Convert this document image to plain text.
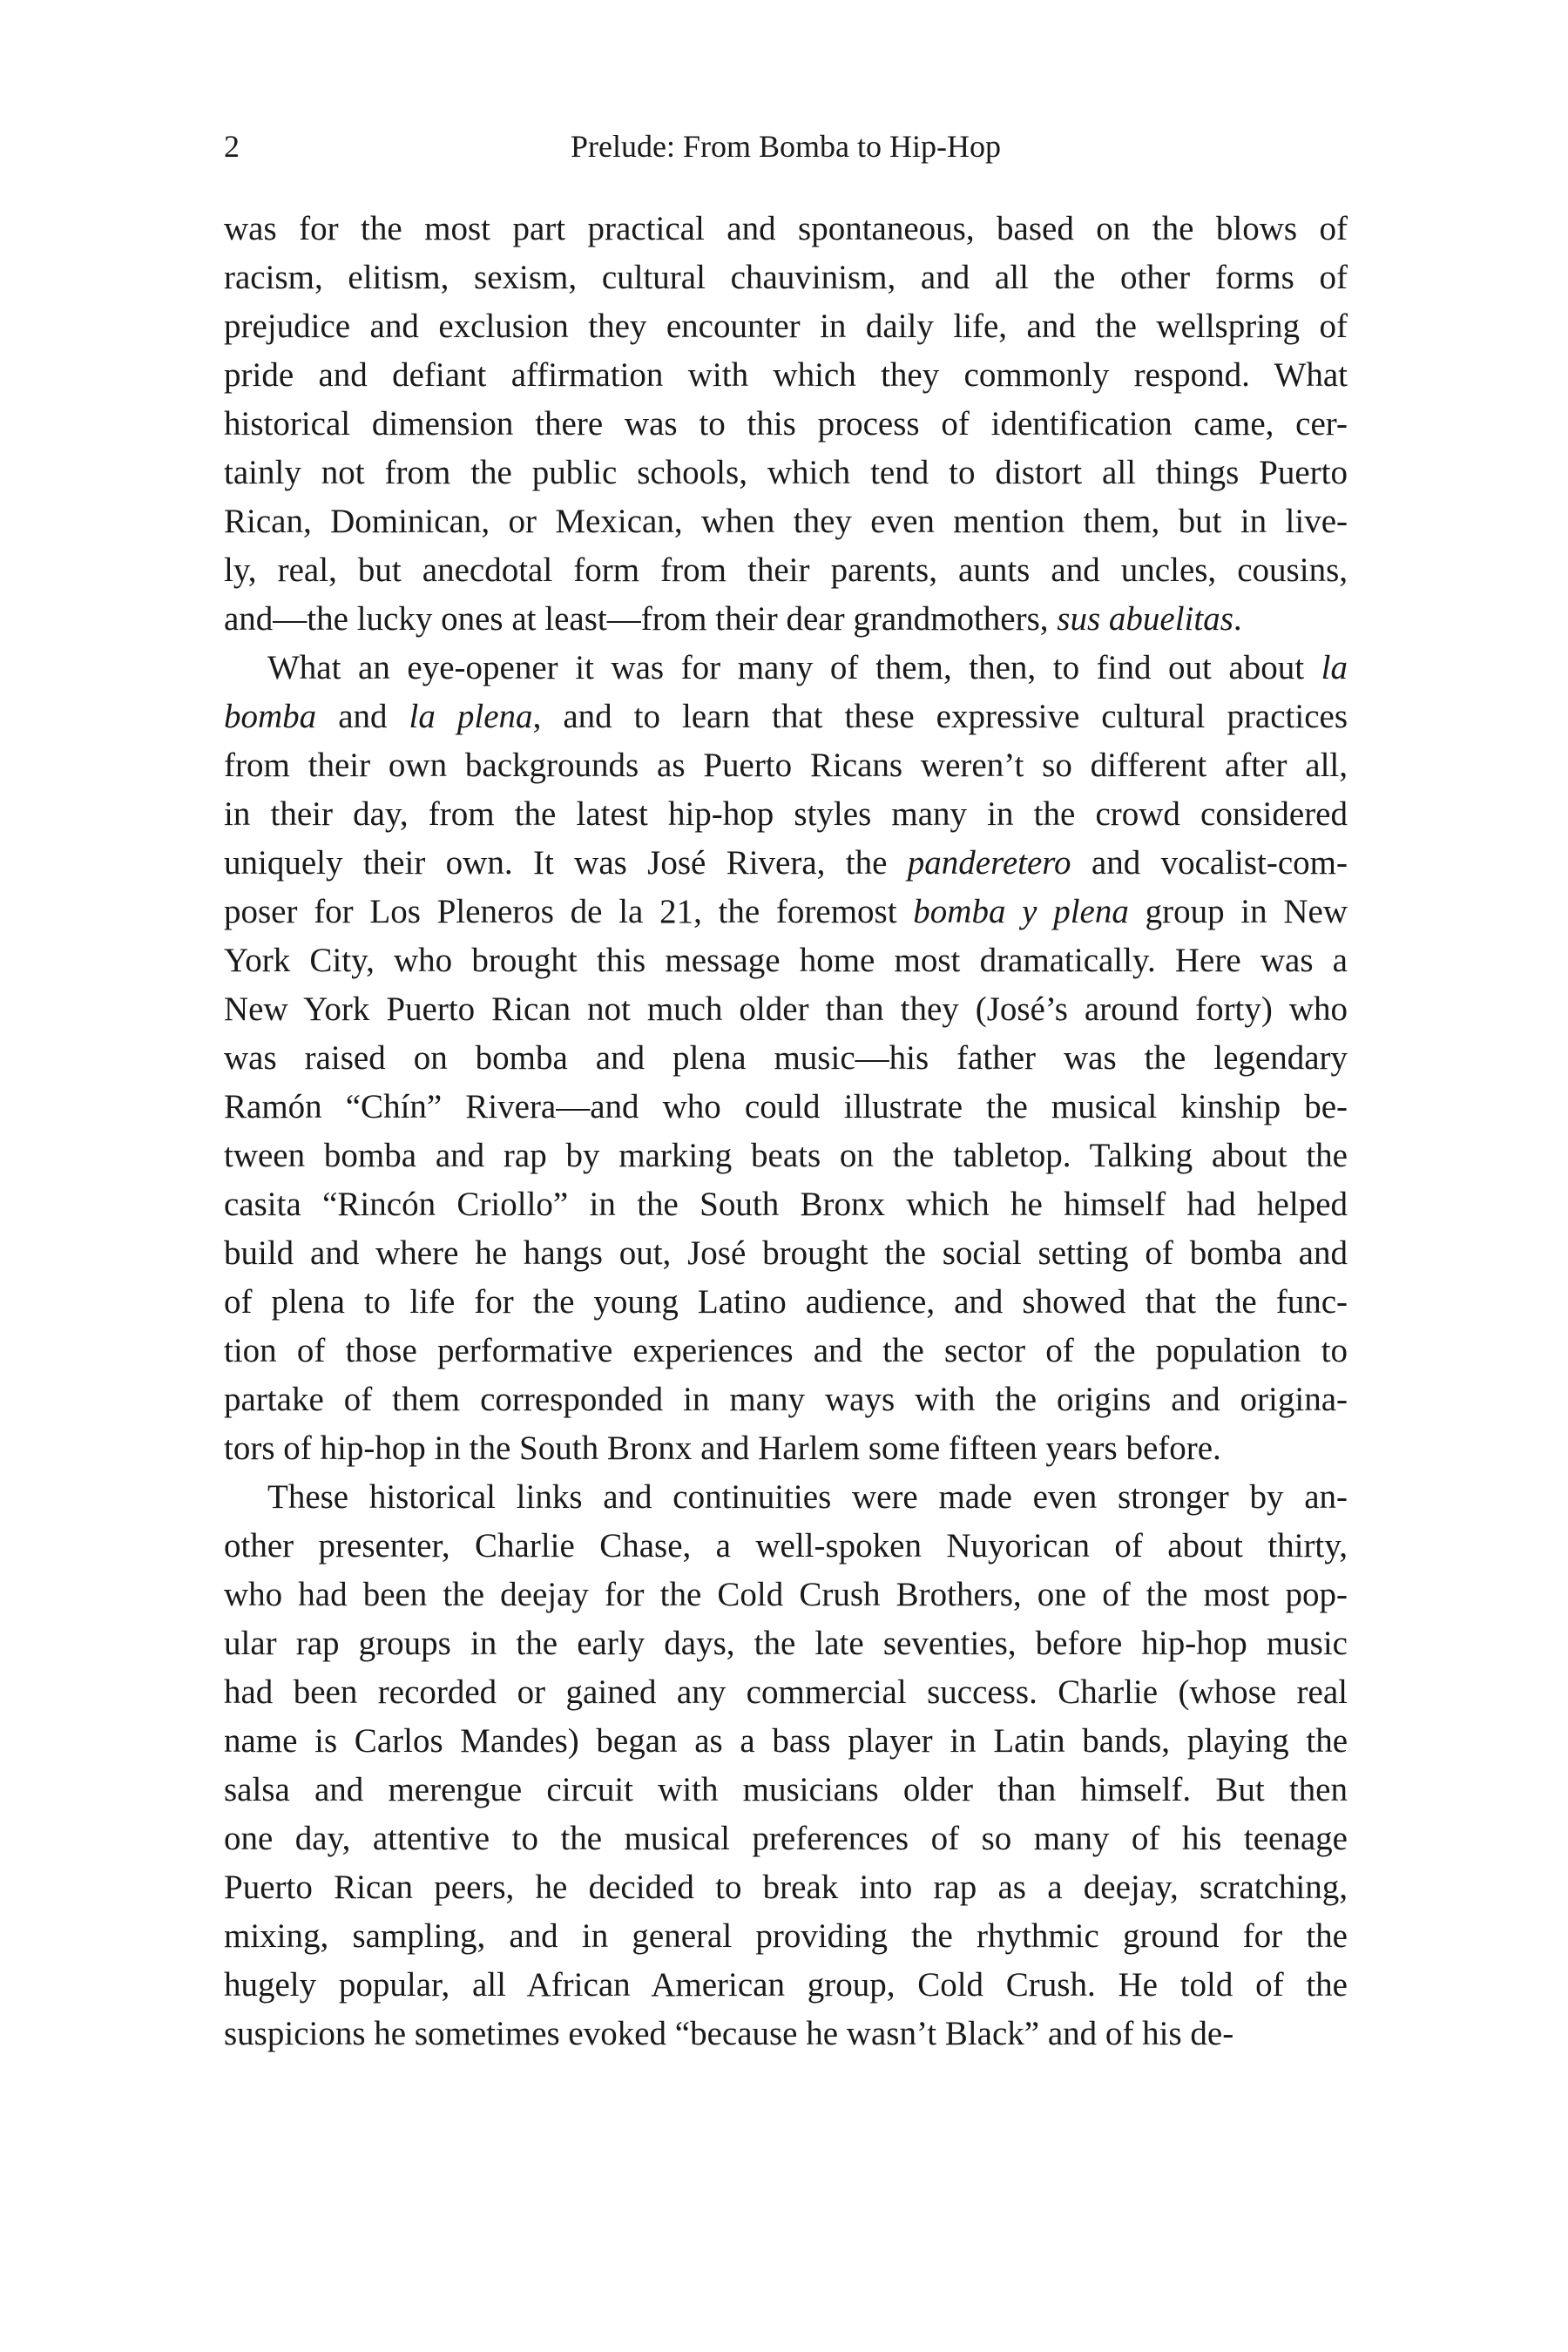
2	Prelude: From Bomba to Hip-Hop
was for the most part practical and spontaneous, based on the blows of
racism, elitism, sexism, cultural chauvinism, and all the other forms of
prejudice and exclusion they encounter in daily life, and the wellspring of
pride and defiant affirmation with which they commonly respond. What
historical dimension there was to this process of identification came, cer-
tainly not from the public schools, which tend to distort all things Puerto
Rican, Dominican, or Mexican, when they even mention them, but in live-
ly, real, but anecdotal form from their parents, aunts and uncles, cousins,
and—the lucky ones at least—from their dear grandmothers, sus abuelitas.
What an eye-opener it was for many of them, then, to find out about la
bomba and la plena, and to learn that these expressive cultural practices
from their own backgrounds as Puerto Ricans weren’t so different after all,
in their day, from the latest hip-hop styles many in the crowd considered
uniquely their own. It was José Rivera, the panderetero and vocalist-com-
poser for Los Pleneros de la 21, the foremost bomba y plena group in New
York City, who brought this message home most dramatically. Here was a
New York Puerto Rican not much older than they (José’s around forty) who
was raised on bomba and plena music—his father was the legendary
Ramón “Chín” Rivera—and who could illustrate the musical kinship be-
tween bomba and rap by marking beats on the tabletop. Talking about the
casita “Rincón Criollo” in the South Bronx which he himself had helped
build and where he hangs out, José brought the social setting of bomba and
of plena to life for the young Latino audience, and showed that the func-
tion of those performative experiences and the sector of the population to
partake of them corresponded in many ways with the origins and origina-
tors of hip-hop in the South Bronx and Harlem some fifteen years before.
These historical links and continuities were made even stronger by an-
other presenter, Charlie Chase, a well-spoken Nuyorican of about thirty,
who had been the deejay for the Cold Crush Brothers, one of the most pop-
ular rap groups in the early days, the late seventies, before hip-hop music
had been recorded or gained any commercial success. Charlie (whose real
name is Carlos Mandes) began as a bass player in Latin bands, playing the
salsa and merengue circuit with musicians older than himself. But then
one day, attentive to the musical preferences of so many of his teenage
Puerto Rican peers, he decided to break into rap as a deejay, scratching,
mixing, sampling, and in general providing the rhythmic ground for the
hugely popular, all African American group, Cold Crush. He told of the
suspicions he sometimes evoked “because he wasn’t Black” and of his de-
